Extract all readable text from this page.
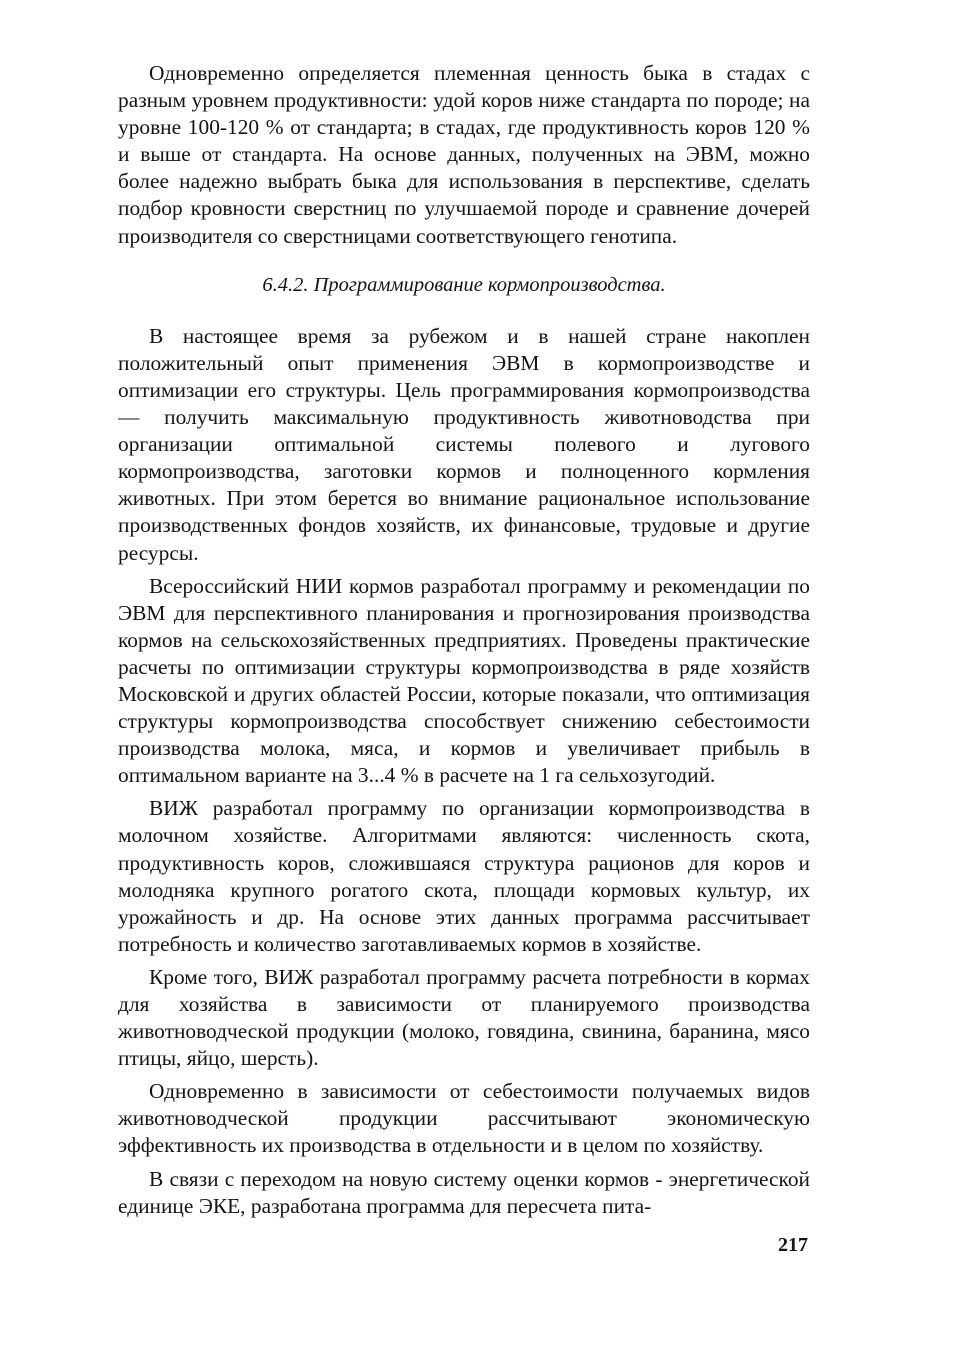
Одновременно определяется племенная ценность быка в стадах с разным уровнем продуктивности: удой коров ниже стандарта по породе; на уровне 100-120 % от стандарта; в стадах, где продуктивность коров 120 % и выше от стандарта. На основе данных, полученных на ЭВМ, можно более надежно выбрать быка для использования в перспективе, сделать подбор кровности сверстниц по улучшаемой породе и сравнение дочерей производителя со сверстницами соответствующего генотипа.

6.4.2. Программирование кормопроизводства.

В настоящее время за рубежом и в нашей стране накоплен положительный опыт применения ЭВМ в кормопроизводстве и оптимизации его структуры. Цель программирования кормопроизводства — получить максимальную продуктивность животноводства при организации оптимальной системы полевого и лугового кормопроизводства, заготовки кормов и полноценного кормления животных. При этом берется во внимание рациональное использование производственных фондов хозяйств, их финансовые, трудовые и другие ресурсы.

Всероссийский НИИ кормов разработал программу и рекомендации по ЭВМ для перспективного планирования и прогнозирования производства кормов на сельскохозяйственных предприятиях. Проведены практические расчеты по оптимизации структуры кормопроизводства в ряде хозяйств Московской и других областей России, которые показали, что оптимизация структуры кормопроизводства способствует снижению себестоимости производства молока, мяса, и кормов и увеличивает прибыль в оптимальном варианте на 3...4 % в расчете на 1 га сельхозугодий.

ВИЖ разработал программу по организации кормопроизводства в молочном хозяйстве. Алгоритмами являются: численность скота, продуктивность коров, сложившаяся структура рационов для коров и молодняка крупного рогатого скота, площади кормовых культур, их урожайность и др. На основе этих данных программа рассчитывает потребность и количество заготавливаемых кормов в хозяйстве.

Кроме того, ВИЖ разработал программу расчета потребности в кормах для хозяйства в зависимости от планируемого производства животноводческой продукции (молоко, говядина, свинина, баранина, мясо птицы, яйцо, шерсть).

Одновременно в зависимости от себестоимости получаемых видов животноводческой продукции рассчитывают экономическую эффективность их производства в отдельности и в целом по хозяйству.

В связи с переходом на новую систему оценки кормов - энергетической единице ЭКЕ, разработана программа для пересчета пита-

217
